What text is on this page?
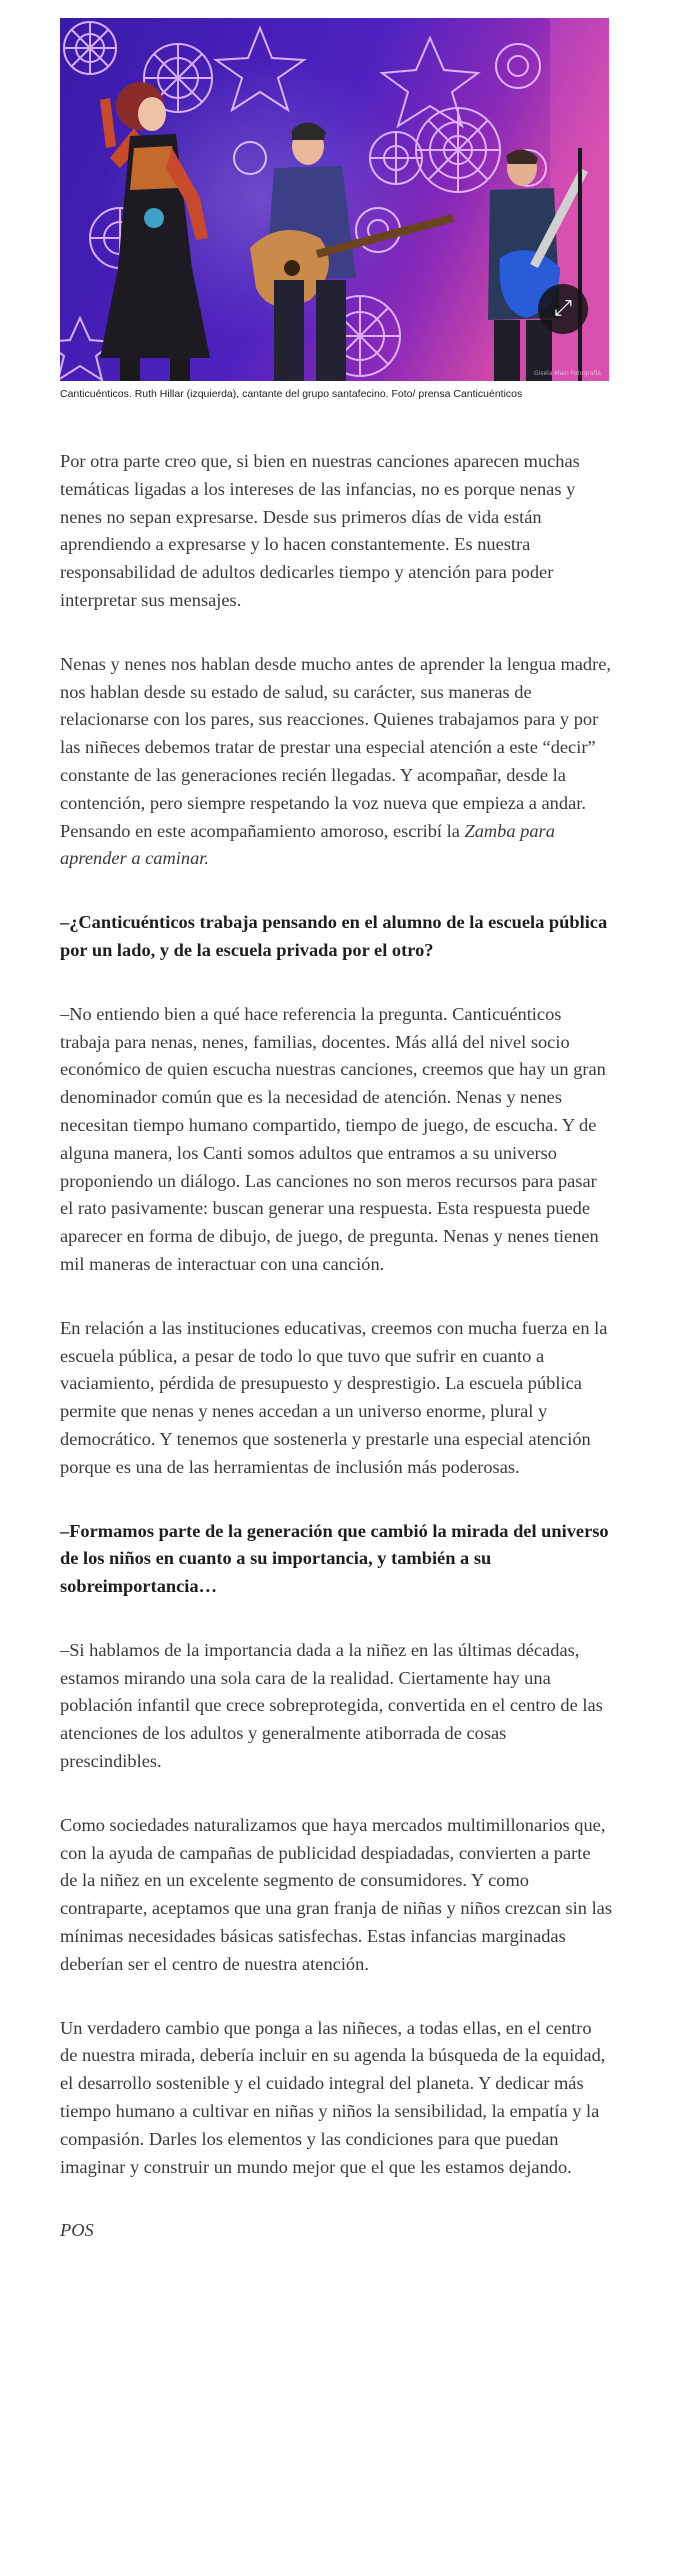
⤢
Gisela Main Fotografía
Canticuénticos. Ruth Hillar (izquierda), cantante del grupo santafecino. Foto/ prensa Canticuénticos

Por otra parte creo que, si bien en nuestras canciones aparecen muchas temáticas ligadas a los intereses de las infancias, no es porque nenas y nenes no sepan expresarse. Desde sus primeros días de vida están aprendiendo a expresarse y lo hacen constantemente. Es nuestra responsabilidad de adultos dedicarles tiempo y atención para poder interpretar sus mensajes.

Nenas y nenes nos hablan desde mucho antes de aprender la lengua madre, nos hablan desde su estado de salud, su carácter, sus maneras de relacionarse con los pares, sus reacciones. Quienes trabajamos para y por las niñeces debemos tratar de prestar una especial atención a este “decir” constante de las generaciones recién llegadas. Y acompañar, desde la contención, pero siempre respetando la voz nueva que empieza a andar. Pensando en este acompañamiento amoroso, escribí la Zamba para aprender a caminar.

–¿Canticuénticos trabaja pensando en el alumno de la escuela pública por un lado, y de la escuela privada por el otro?

–No entiendo bien a qué hace referencia la pregunta. Canticuénticos trabaja para nenas, nenes, familias, docentes. Más allá del nivel socio económico de quien escucha nuestras canciones, creemos que hay un gran denominador común que es la necesidad de atención. Nenas y nenes necesitan tiempo humano compartido, tiempo de juego, de escucha. Y de alguna manera, los Canti somos adultos que entramos a su universo proponiendo un diálogo. Las canciones no son meros recursos para pasar el rato pasivamente: buscan generar una respuesta. Esta respuesta puede aparecer en forma de dibujo, de juego, de pregunta. Nenas y nenes tienen mil maneras de interactuar con una canción.

En relación a las instituciones educativas, creemos con mucha fuerza en la escuela pública, a pesar de todo lo que tuvo que sufrir en cuanto a vaciamiento, pérdida de presupuesto y desprestigio. La escuela pública permite que nenas y nenes accedan a un universo enorme, plural y democrático. Y tenemos que sostenerla y prestarle una especial atención porque es una de las herramientas de inclusión más poderosas.

–Formamos parte de la generación que cambió la mirada del universo de los niños en cuanto a su importancia, y también a su sobreimportancia…

–Si hablamos de la importancia dada a la niñez en las últimas décadas, estamos mirando una sola cara de la realidad. Ciertamente hay una población infantil que crece sobreprotegida, convertida en el centro de las atenciones de los adultos y generalmente atiborrada de cosas prescindibles.

Como sociedades naturalizamos que haya mercados multimillonarios que, con la ayuda de campañas de publicidad despiadadas, convierten a parte de la niñez en un excelente segmento de consumidores. Y como contraparte, aceptamos que una gran franja de niñas y niños crezcan sin las mínimas necesidades básicas satisfechas. Estas infancias marginadas deberían ser el centro de nuestra atención.

Un verdadero cambio que ponga a las niñeces, a todas ellas, en el centro de nuestra mirada, debería incluir en su agenda la búsqueda de la equidad, el desarrollo sostenible y el cuidado integral del planeta. Y dedicar más tiempo humano a cultivar en niñas y niños la sensibilidad, la empatía y la compasión. Darles los elementos y las condiciones para que puedan imaginar y construir un mundo mejor que el que les estamos dejando.

POS
